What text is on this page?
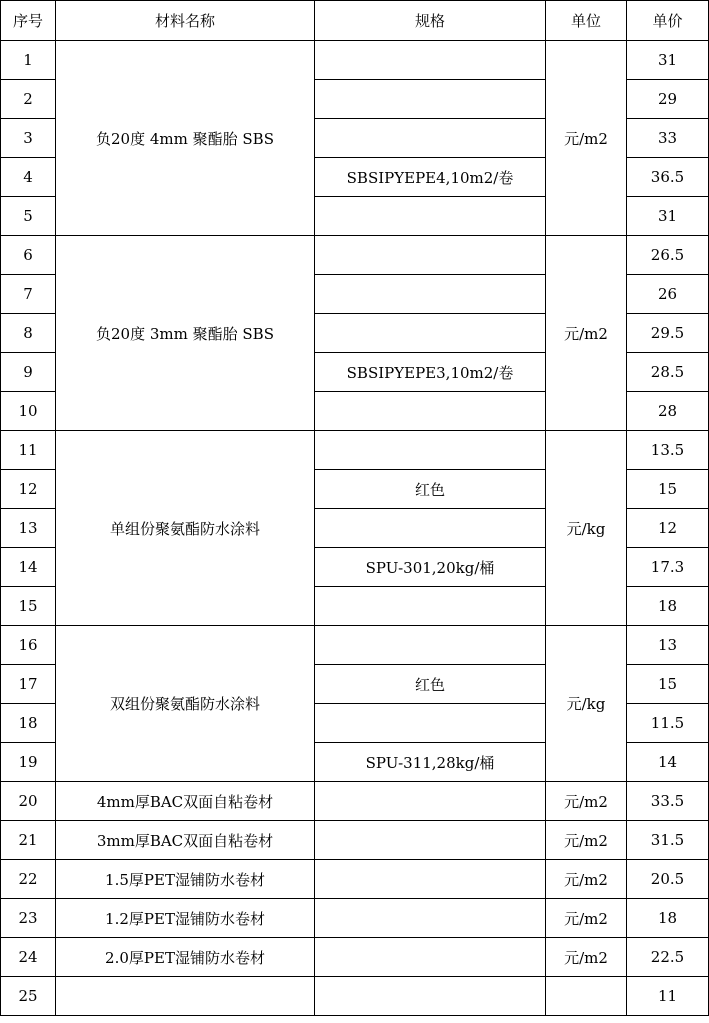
序号	材料名称	规格	单位	单价
1	负20度 4mm 聚酯胎 SBS		元/m2	31
2				29
3				33
4		SBSIPYEPE4,10m2/卷		36.5
5				31
6	负20度 3mm 聚酯胎 SBS		元/m2	26.5
7				26
8				29.5
9		SBSIPYEPE3,10m2/卷		28.5
10				28
11	单组份聚氨酯防水涂料		元/kg	13.5
12		红色		15
13				12
14		SPU-301,20kg/桶		17.3
15				18
16	双组份聚氨酯防水涂料		元/kg	13
17		红色		15
18				11.5
19		SPU-311,28kg/桶		14
20	4mm厚BAC双面自粘卷材		元/m2	33.5
21	3mm厚BAC双面自粘卷材		元/m2	31.5
22	1.5厚PET湿铺防水卷材		元/m2	20.5
23	1.2厚PET湿铺防水卷材		元/m2	18
24	2.0厚PET湿铺防水卷材		元/m2	22.5
25				11
